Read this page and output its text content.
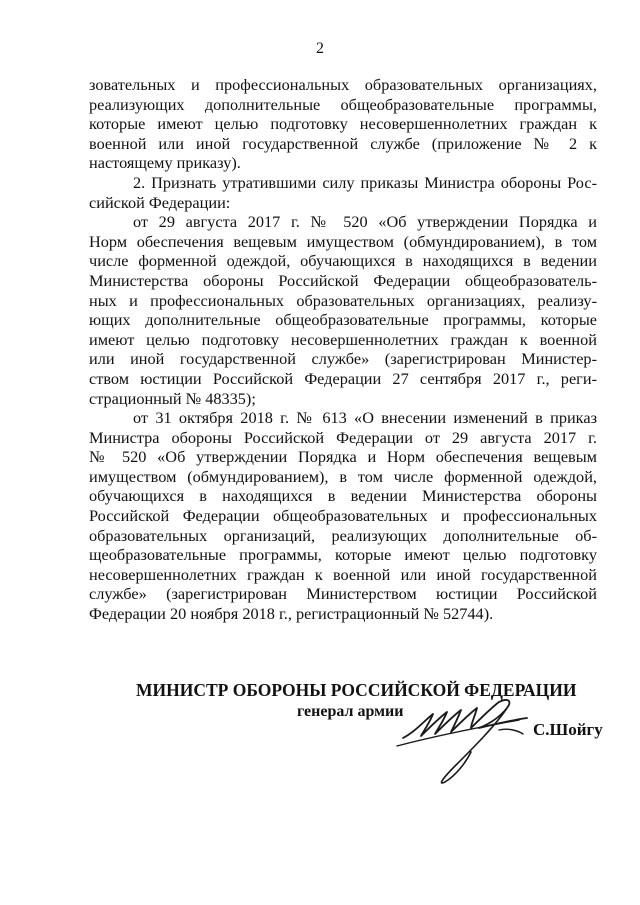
2
зовательных и профессиональных образовательных организациях,
реализующих дополнительные общеобразовательные программы,
которые имеют целью подготовку несовершеннолетних граждан к
военной или иной государственной службе (приложение № 2 к
настоящему приказу).
2. Признать утратившими силу приказы Министра обороны Рос-
сийской Федерации:
от 29 августа 2017 г. № 520 «Об утверждении Порядка и
Норм обеспечения вещевым имуществом (обмундированием), в том
числе форменной одеждой, обучающихся в находящихся в ведении
Министерства обороны Российской Федерации общеобразователь-
ных и профессиональных образовательных организациях, реализу-
ющих дополнительные общеобразовательные программы, которые
имеют целью подготовку несовершеннолетних граждан к военной
или иной государственной службе» (зарегистрирован Министер-
ством юстиции Российской Федерации 27 сентября 2017 г., реги-
страционный № 48335);
от 31 октября 2018 г. № 613 «О внесении изменений в приказ
Министра обороны Российской Федерации от 29 августа 2017 г.
№ 520 «Об утверждении Порядка и Норм обеспечения вещевым
имуществом (обмундированием), в том числе форменной одеждой,
обучающихся в находящихся в ведении Министерства обороны
Российской Федерации общеобразовательных и профессиональных
образовательных организаций, реализующих дополнительные об-
щеобразовательные программы, которые имеют целью подготовку
несовершеннолетних граждан к военной или иной государственной
службе» (зарегистрирован Министерством юстиции Российской
Федерации 20 ноября 2018 г., регистрационный № 52744).
МИНИСТР ОБОРОНЫ РОССИЙСКОЙ ФЕДЕРАЦИИ
генерал армии
С.Шойгу
